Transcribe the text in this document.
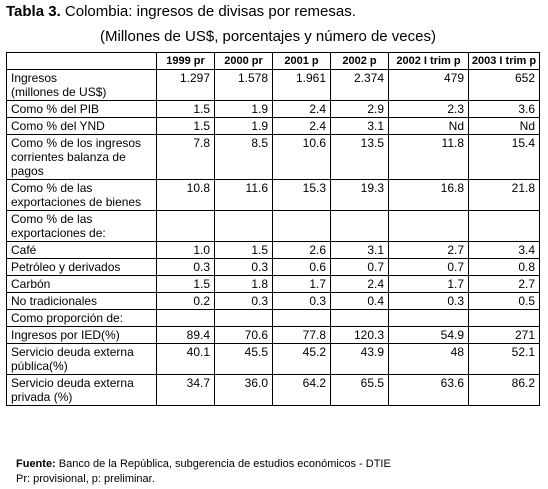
Tabla 3. Colombia: ingresos de divisas por remesas.
(Millones de US$, porcentajes y número de veces)
	1999 pr	2000 pr	2001 p	2002 p	2002 I trim p	2003 I trim p
Ingresos
(millones de US$)	1.297	1.578	1.961	2.374	479	652
Como % del PIB	1.5	1.9	2.4	2.9	2.3	3.6
Como % del YND	1.5	1.9	2.4	3.1	Nd	Nd
Como % de los ingresos
corrientes balanza de pagos	7.8	8.5	10.6	13.5	11.8	15.4
Como % de las
exportaciones de bienes	10.8	11.6	15.3	19.3	16.8	21.8
Como % de las
exportaciones de:						
Café	1.0	1.5	2.6	3.1	2.7	3.4
Petróleo y derivados	0.3	0.3	0.6	0.7	0.7	0.8
Carbón	1.5	1.8	1.7	2.4	1.7	2.7
No tradicionales	0.2	0.3	0.3	0.4	0.3	0.5
Como proporción de:						
Ingresos por IED(%)	89.4	70.6	77.8	120.3	54.9	271
Servicio deuda externa
pública(%)	40.1	45.5	45.2	43.9	48	52.1
Servicio deuda externa
privada (%)	34.7	36.0	64.2	65.5	63.6	86.2
Fuente: Banco de la República, subgerencia de estudios económicos - DTIE
Pr: provisional, p: preliminar.
